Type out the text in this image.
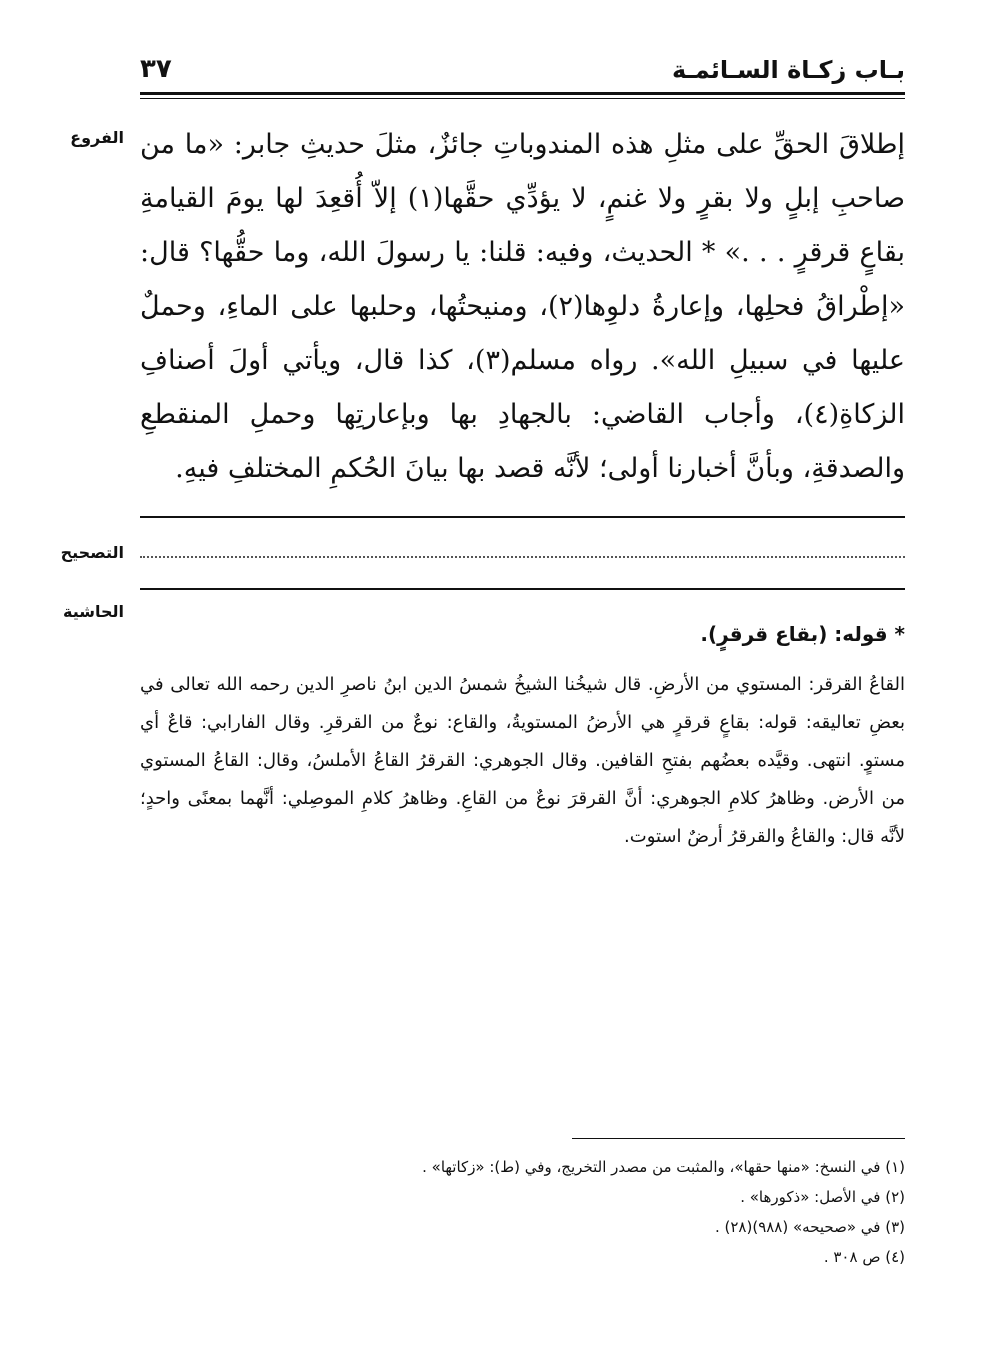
٣٧	بـاب زكـاة السـائمـة
الفروع إطلاقَ الحقِّ على مثلِ هذه المندوباتِ جائزٌ، مثلَ حديثِ جابر: «ما من صاحبِ إبلٍ ولا بقرٍ ولا غنمٍ، لا يؤدِّي حقَّها(١) إلاّ أُقعِدَ لها يومَ القيامةِ بقاعٍ قرقرٍ . . .» * الحديث، وفيه: قلنا: يا رسولَ الله، وما حقُّها؟ قال: «إطْراقُ فحلِها، وإعارةُ دلوِها(٢)، ومنيحتُها، وحلبها على الماءِ، وحملٌ عليها في سبيلِ الله». رواه مسلم(٣)، كذا قال، ويأتي أولَ أصنافِ الزكاةِ(٤)، وأجاب القاضي: بالجهادِ بها وبإعارتِها وحملِ المنقطعِ والصدقةِ، وبأنَّ أخبارنا أولى؛ لأنَّه قصد بها بيانَ الحُكمِ المختلفِ فيهِ.

التصحيح
الحاشية
* قوله: (بقاع قرقرٍ).

القاعُ القرقر: المستوي من الأرضِ. قال شيخُنا الشيخُ شمسُ الدين ابنُ ناصرِ الدين رحمه الله تعالى في بعضِ تعاليقه: قوله: بقاعٍ قرقرٍ هي الأرضُ المستويةُ، والقاع: نوعٌ من القرقرِ. وقال الفارابي: قاعٌ أي مستوٍ. انتهى. وقيَّده بعضُهم بفتحِ القافين. وقال الجوهري: القرقرُ القاعُ الأملسُ، وقال: القاعُ المستوي من الأرض. وظاهرُ كلامِ الجوهري: أنَّ القرقرَ نوعٌ من القاعِ. وظاهرُ كلامِ الموصِلي: أنَّهما بمعنًى واحدٍ؛ لأنَّه قال: والقاعُ والقرقرُ أرضٌ استوت.

(١) في النسخ: «منها حقها»، والمثبت من مصدر التخريج، وفي (ط): «زكاتها» .
(٢) في الأصل: «ذكورها» .
(٣) في «صحيحه» (٩٨٨)(٢٨) .
(٤) ص ٣٠٨ .
